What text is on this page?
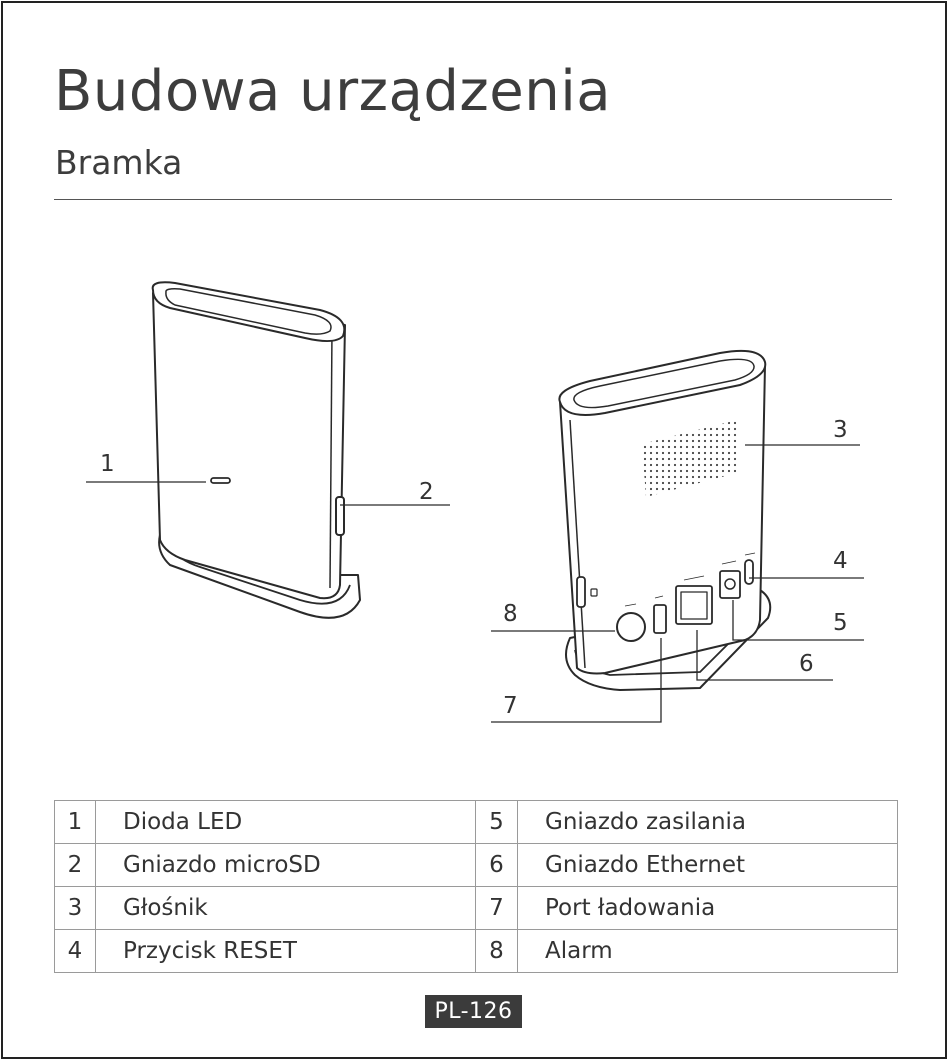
Budowa urządzenia
Bramka
1
2
3
4
5
6
7
8
1	Dioda LED	5	Gniazdo zasilania
2	Gniazdo microSD	6	Gniazdo Ethernet
3	Głośnik	7	Port ładowania
4	Przycisk RESET	8	Alarm
PL-126
